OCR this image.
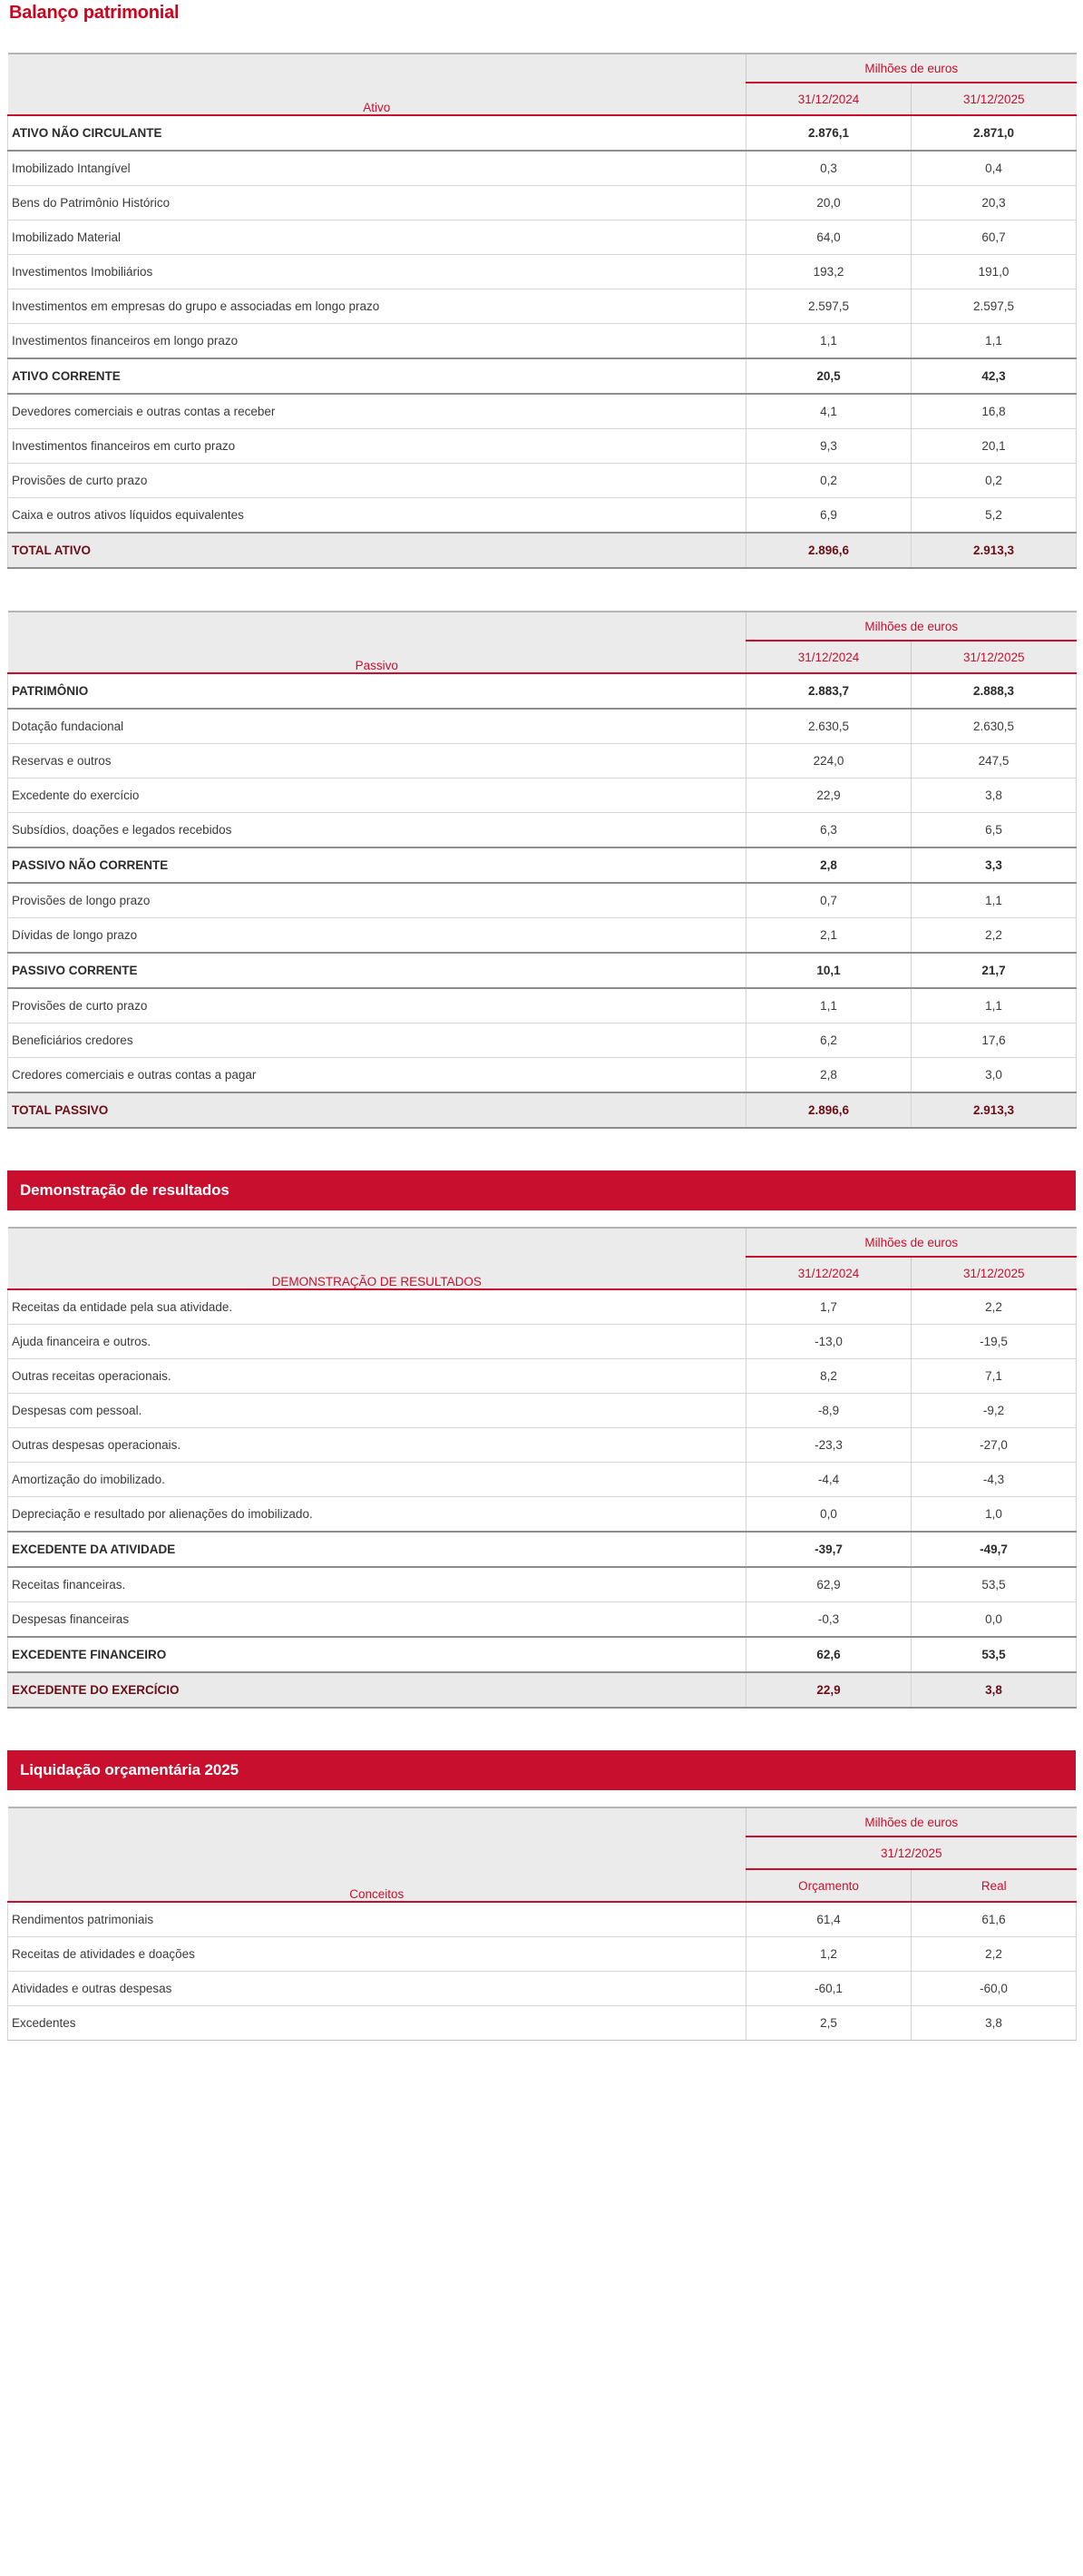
Balanço patrimonial
Ativo	Milhões de euros	
	31/12/2024	31/12/2025
ATIVO NÃO CIRCULANTE	2.876,1	2.871,0
Imobilizado Intangível	0,3	0,4
Bens do Patrimônio Histórico	20,0	20,3
Imobilizado Material	64,0	60,7
Investimentos Imobiliários	193,2	191,0
Investimentos em empresas do grupo e associadas em longo prazo	2.597,5	2.597,5
Investimentos financeiros em longo prazo	1,1	1,1
ATIVO CORRENTE	20,5	42,3
Devedores comerciais e outras contas a receber	4,1	16,8
Investimentos financeiros em curto prazo	9,3	20,1
Provisões de curto prazo	0,2	0,2
Caixa e outros ativos líquidos equivalentes	6,9	5,2
TOTAL ATIVO	2.896,6	2.913,3
Passivo	Milhões de euros	
	31/12/2024	31/12/2025
PATRIMÔNIO	2.883,7	2.888,3
Dotação fundacional	2.630,5	2.630,5
Reservas e outros	224,0	247,5
Excedente do exercício	22,9	3,8
Subsídios, doações e legados recebidos	6,3	6,5
PASSIVO NÃO CORRENTE	2,8	3,3
Provisões de longo prazo	0,7	1,1
Dívidas de longo prazo	2,1	2,2
PASSIVO CORRENTE	10,1	21,7
Provisões de curto prazo	1,1	1,1
Beneficiários credores	6,2	17,6
Credores comerciais e outras contas a pagar	2,8	3,0
TOTAL PASSIVO	2.896,6	2.913,3
Demonstração de resultados
DEMONSTRAÇÃO DE RESULTADOS	Milhões de euros	
	31/12/2024	31/12/2025
Receitas da entidade pela sua atividade.	1,7	2,2
Ajuda financeira e outros.	-13,0	-19,5
Outras receitas operacionais.	8,2	7,1
Despesas com pessoal.	-8,9	-9,2
Outras despesas operacionais.	-23,3	-27,0
Amortização do imobilizado.	-4,4	-4,3
Depreciação e resultado por alienações do imobilizado.	0,0	1,0
EXCEDENTE DA ATIVIDADE	-39,7	-49,7
Receitas financeiras.	62,9	53,5
Despesas financeiras	-0,3	0,0
EXCEDENTE FINANCEIRO	62,6	53,5
EXCEDENTE DO EXERCÍCIO	22,9	3,8
Liquidação orçamentária 2025
Conceitos	Milhões de euros	
	31/12/2025	
	Orçamento	Real
Rendimentos patrimoniais	61,4	61,6
Receitas de atividades e doações	1,2	2,2
Atividades e outras despesas	-60,1	-60,0
Excedentes	2,5	3,8
